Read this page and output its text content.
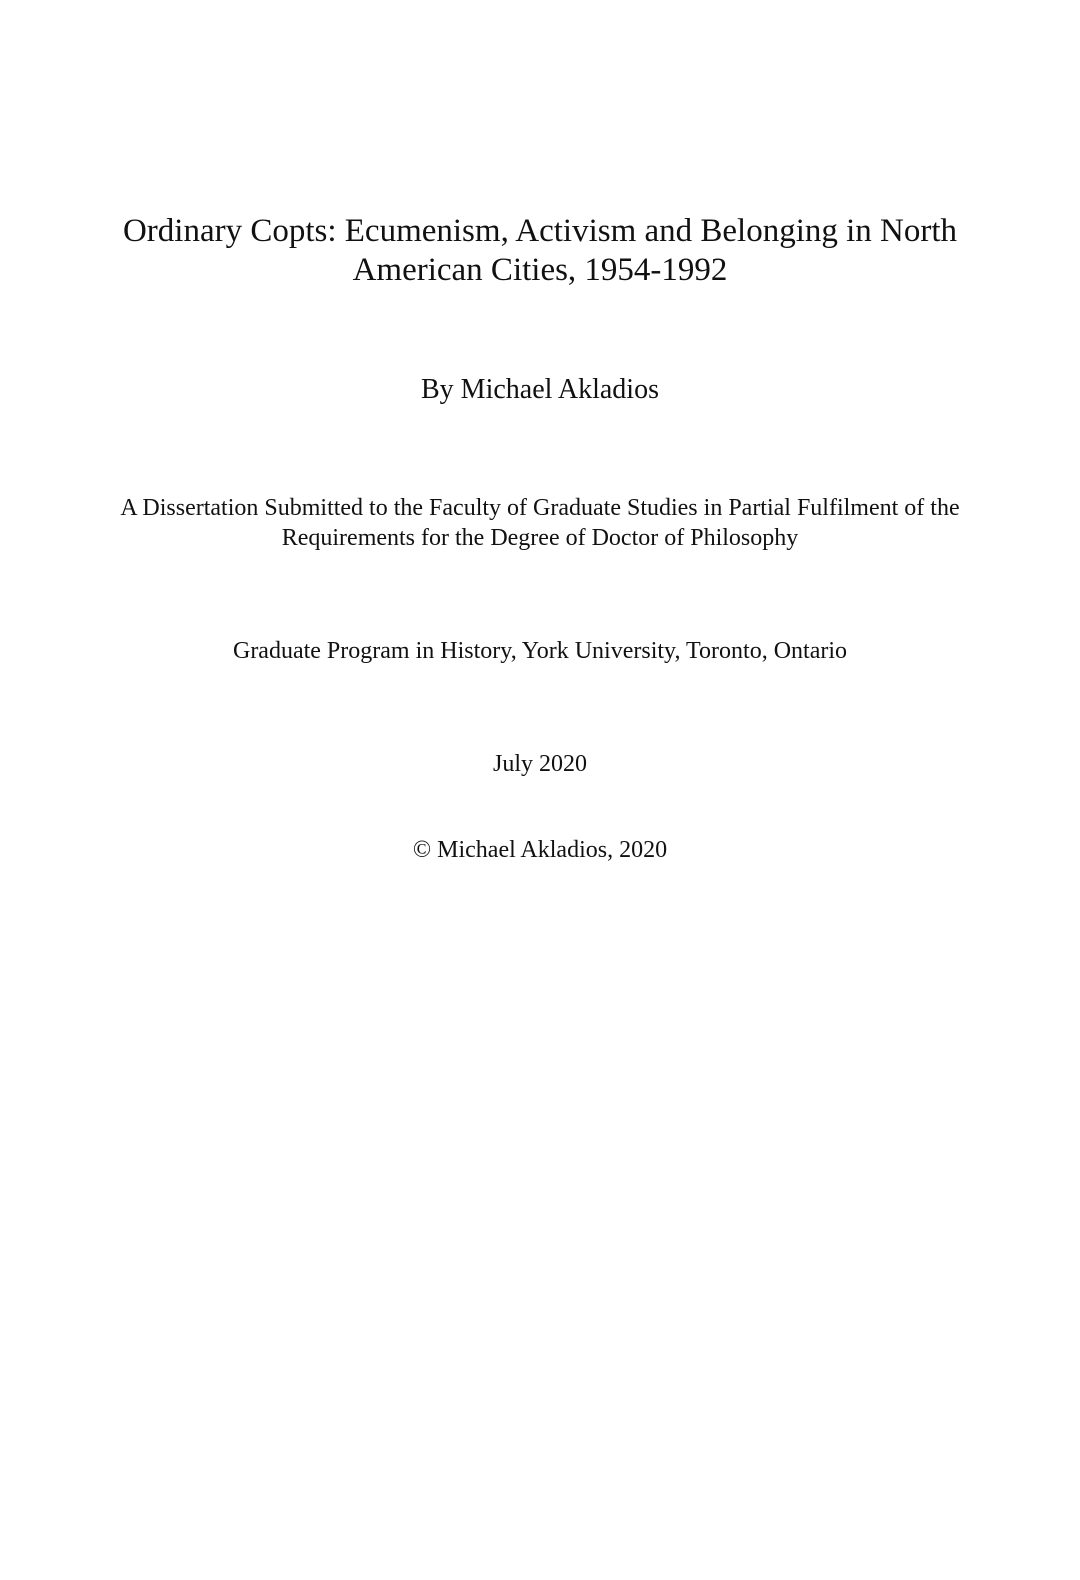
Ordinary Copts: Ecumenism, Activism and Belonging in North
American Cities, 1954-1992

By Michael Akladios

A Dissertation Submitted to the Faculty of Graduate Studies in Partial Fulfilment of the
Requirements for the Degree of Doctor of Philosophy

Graduate Program in History, York University, Toronto, Ontario

July 2020

© Michael Akladios, 2020
